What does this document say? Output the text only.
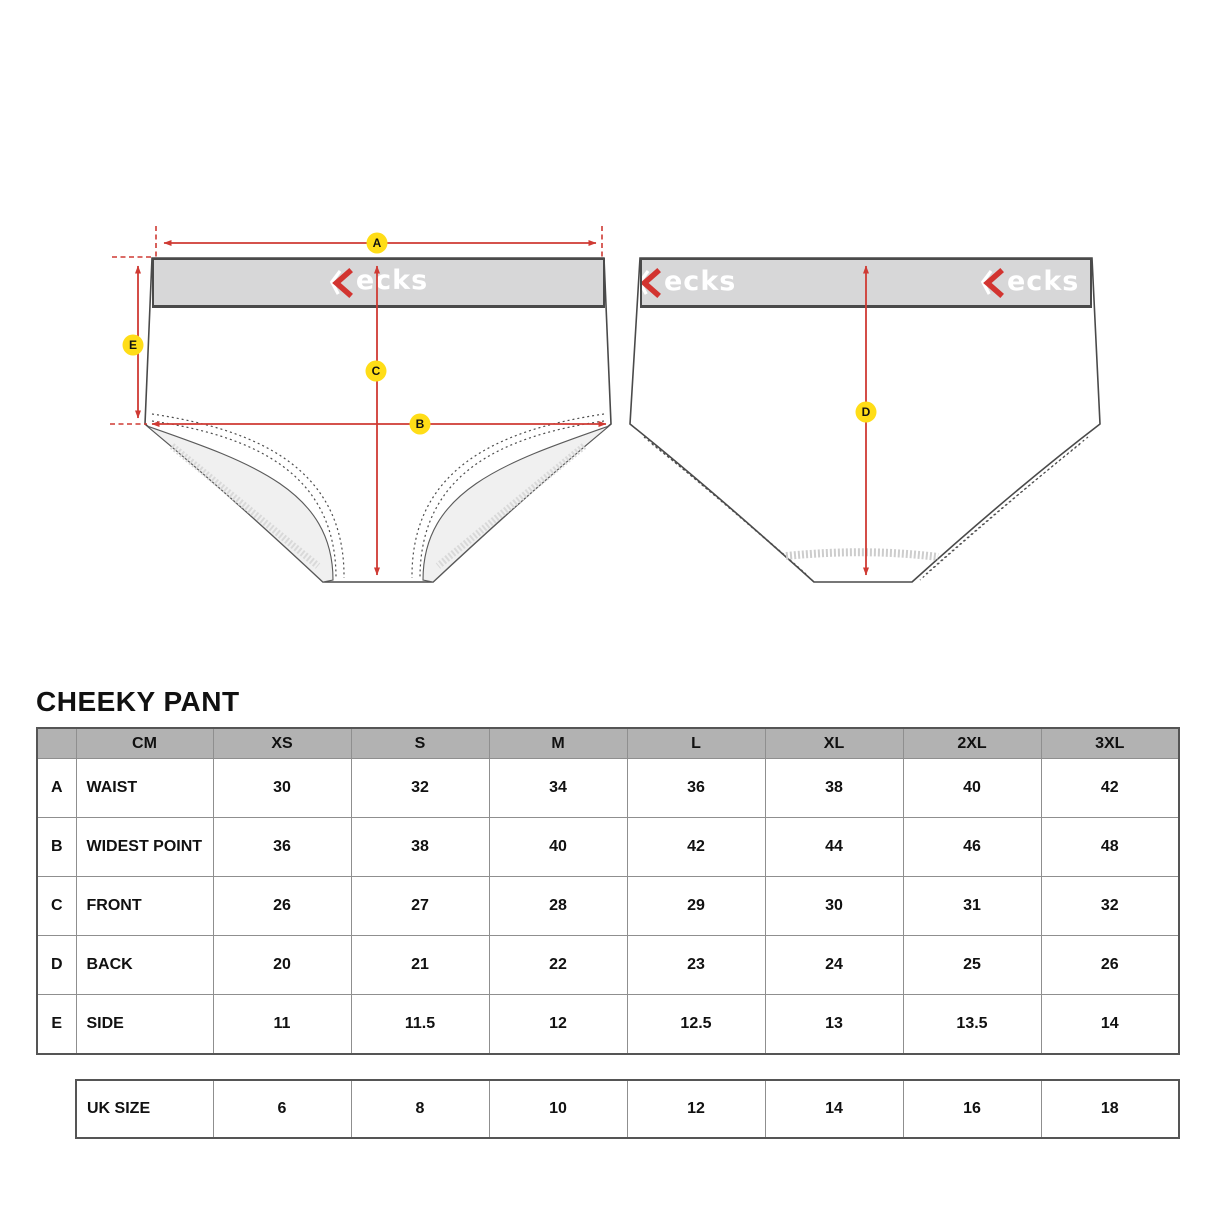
ecks	ecks	ecks
A
E
C
B
D
CHEEKY PANT
	CM	XS	S	M	L	XL	2XL	3XL
A	WAIST	30	32	34	36	38	40	42
B	WIDEST POINT	36	38	40	42	44	46	48
C	FRONT	26	27	28	29	30	31	32
D	BACK	20	21	22	23	24	25	26
E	SIDE	11	11.5	12	12.5	13	13.5	14
UK SIZE	6	8	10	12	14	16	18
